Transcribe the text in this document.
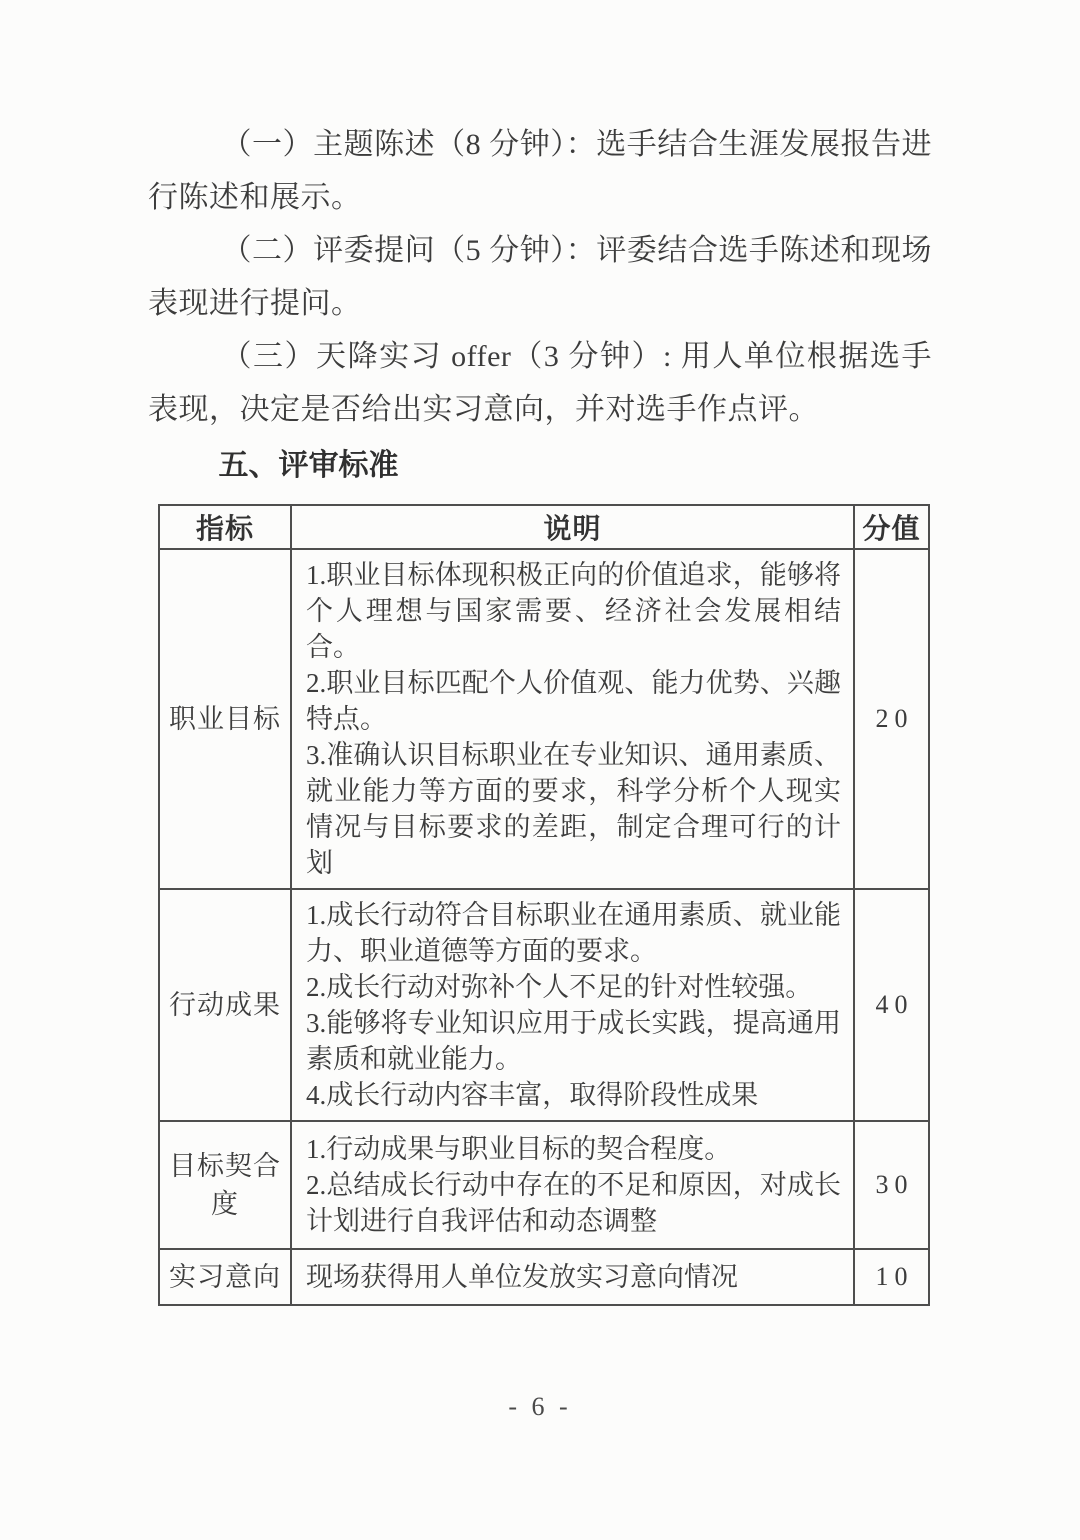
（一）主题陈述（8 分钟）：选手结合生涯发展报告进行陈述和展示。

（二）评委提问（5 分钟）：评委结合选手陈述和现场表现进行提问。

（三）天降实习 offer（3 分钟）: 用人单位根据选手表现，决定是否给出实习意向，并对选手作点评。

五、评审标准
指标	说明	分值
职业目标	1.职业目标体现积极正向的价值追求，能够将个人理想与国家需要、经济社会发展相结合。
2.职业目标匹配个人价值观、能力优势、兴趣特点。
3.准确认识目标职业在专业知识、通用素质、就业能力等方面的要求，科学分析个人现实情况与目标要求的差距，制定合理可行的计划	20
行动成果	1.成长行动符合目标职业在通用素质、就业能力、职业道德等方面的要求。
2.成长行动对弥补个人不足的针对性较强。
3.能够将专业知识应用于成长实践，提高通用素质和就业能力。
4.成长行动内容丰富，取得阶段性成果	40
目标契合度	1.行动成果与职业目标的契合程度。
2.总结成长行动中存在的不足和原因，对成长计划进行自我评估和动态调整	30
实习意向	现场获得用人单位发放实习意向情况	10
- 6 -
